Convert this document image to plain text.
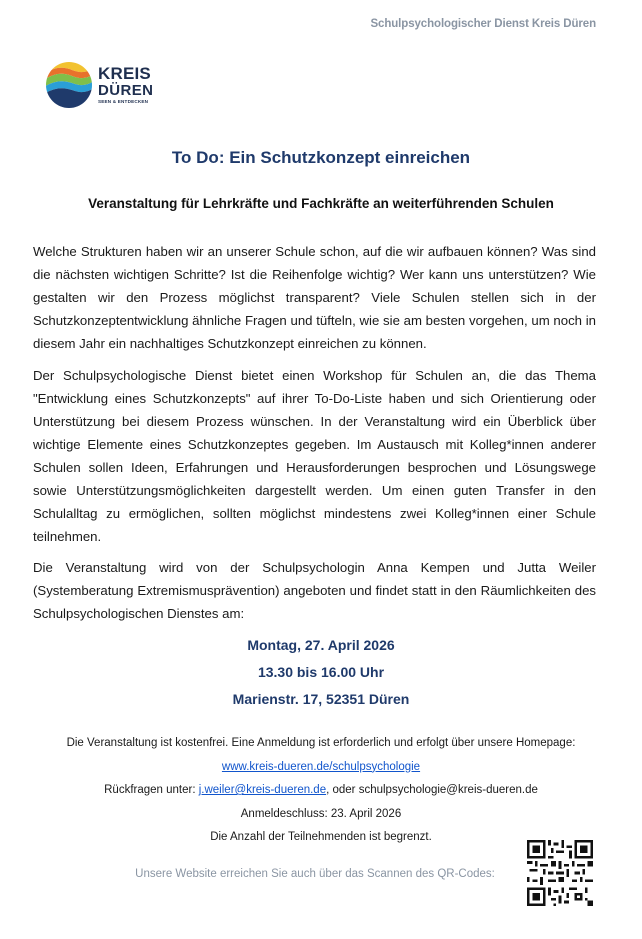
Schulpsychologischer Dienst Kreis Düren
KREIS
DÜREN
SEEN & ENTDECKEN
To Do: Ein Schutzkonzept einreichen
Veranstaltung für Lehrkräfte und Fachkräfte an weiterführenden Schulen
Welche Strukturen haben wir an unserer Schule schon, auf die wir aufbauen können? Was sind die nächsten wichtigen Schritte? Ist die Reihenfolge wichtig? Wer kann uns unterstützen? Wie gestalten wir den Prozess möglichst transparent? Viele Schulen stellen sich in der Schutzkonzeptentwicklung ähnliche Fragen und tüfteln, wie sie am besten vorgehen, um noch in diesem Jahr ein nachhaltiges Schutzkonzept einreichen zu können.
Der Schulpsychologische Dienst bietet einen Workshop für Schulen an, die das Thema "Entwicklung eines Schutzkonzepts" auf ihrer To-Do-Liste haben und sich Orientierung oder Unterstützung bei diesem Prozess wünschen. In der Veranstaltung wird ein Überblick über wichtige Elemente eines Schutzkonzeptes gegeben. Im Austausch mit Kolleg*innen anderer Schulen sollen Ideen, Erfahrungen und Herausforderungen besprochen und Lösungswege sowie Unterstützungsmöglichkeiten dargestellt werden. Um einen guten Transfer in den Schulalltag zu ermöglichen, sollten möglichst mindestens zwei Kolleg*innen einer Schule teilnehmen.
Die Veranstaltung wird von der Schulpsychologin Anna Kempen und Jutta Weiler (Systemberatung Extremismusprävention) angeboten und findet statt in den Räumlichkeiten des Schulpsychologischen Dienstes am:
Montag, 27. April 2026
13.30 bis 16.00 Uhr
Marienstr. 17, 52351 Düren
Die Veranstaltung ist kostenfrei. Eine Anmeldung ist erforderlich und erfolgt über unsere Homepage:
www.kreis-dueren.de/schulpsychologie
Rückfragen unter: j.weiler@kreis-dueren.de, oder schulpsychologie@kreis-dueren.de
Anmeldeschluss: 23. April 2026
Die Anzahl der Teilnehmenden ist begrenzt.
Unsere Website erreichen Sie auch über das Scannen des QR-Codes:
